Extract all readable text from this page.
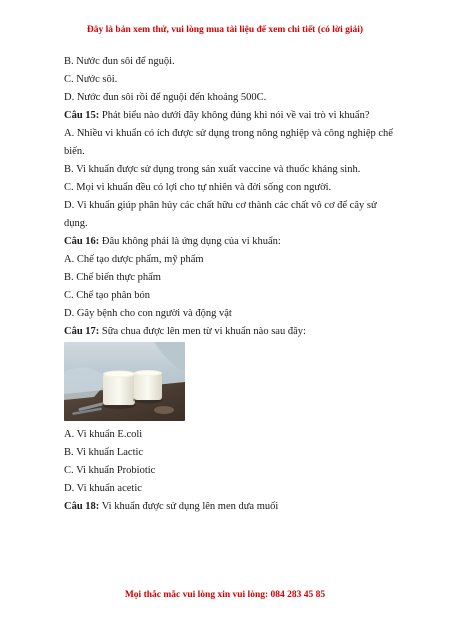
Đây là bản xem thử, vui lòng mua tài liệu để xem chi tiết (có lời giải)

B. Nước đun sôi để nguội.

C. Nước sôi.

D. Nước đun sôi rồi để nguội đến khoảng 500C.

Câu 15: Phát biểu nào dưới đây không đúng khi nói về vai trò vi khuẩn?

A. Nhiều vi khuẩn có ích được sử dụng trong nông nghiệp và công nghiệp chế biến.

B. Vi khuẩn được sử dụng trong sản xuất vaccine và thuốc kháng sinh.

C. Mọi vi khuẩn đều có lợi cho tự nhiên và đời sống con người.

D. Vi khuẩn giúp phân hủy các chất hữu cơ thành các chất vô cơ để cây sử dụng.

Câu 16: Đâu không phải là ứng dụng của vi khuẩn:

A. Chế tạo dược phẩm, mỹ phẩm

B. Chế biến thực phẩm

C. Chế tạo phân bón

D. Gây bệnh cho con người và động vật

Câu 17: Sữa chua được lên men từ vi khuẩn nào sau đây:

A. Vi khuẩn E.coli

B. Vi khuẩn Lactic

C. Vi khuẩn Probiotic

D. Vi khuẩn acetic

Câu 18: Vi khuẩn được sử dụng lên men dưa muối

Mọi thắc mắc vui lòng xin vui lòng: 084 283 45 85
